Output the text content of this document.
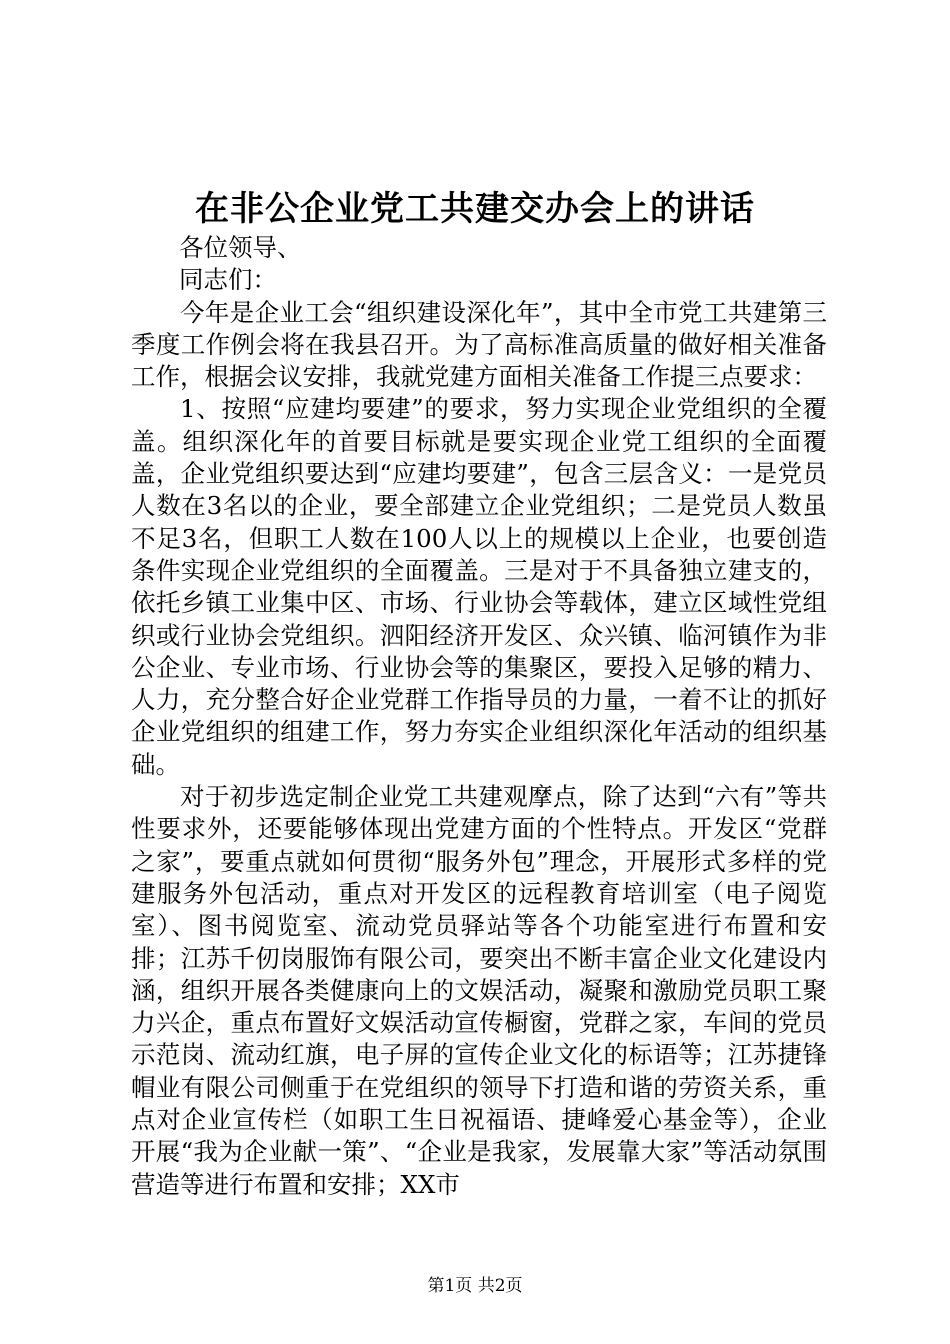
在非公企业党工共建交办会上的讲话

各位领导、

同志们：

今年是企业工会“组织建设深化年”，其中全市党工共建第三季度工作例会将在我县召开。为了高标准高质量的做好相关准备工作，根据会议安排，我就党建方面相关准备工作提三点要求：

1、按照“应建均要建”的要求，努力实现企业党组织的全覆盖。组织深化年的首要目标就是要实现企业党工组织的全面覆盖，企业党组织要达到“应建均要建”，包含三层含义：一是党员人数在3名以的企业，要全部建立企业党组织；二是党员人数虽不足3名，但职工人数在100人以上的规模以上企业，也要创造条件实现企业党组织的全面覆盖。三是对于不具备独立建支的，依托乡镇工业集中区、市场、行业协会等载体，建立区域性党组织或行业协会党组织。泗阳经济开发区、众兴镇、临河镇作为非公企业、专业市场、行业协会等的集聚区，要投入足够的精力、人力，充分整合好企业党群工作指导员的力量，一着不让的抓好企业党组织的组建工作，努力夯实企业组织深化年活动的组织基础。

对于初步选定制企业党工共建观摩点，除了达到“六有”等共性要求外，还要能够体现出党建方面的个性特点。开发区“党群之家”，要重点就如何贯彻“服务外包”理念，开展形式多样的党建服务外包活动，重点对开发区的远程教育培训室（电子阅览室）、图书阅览室、流动党员驿站等各个功能室进行布置和安排；江苏千仞岗服饰有限公司，要突出不断丰富企业文化建设内涵，组织开展各类健康向上的文娱活动，凝聚和激励党员职工聚力兴企，重点布置好文娱活动宣传橱窗，党群之家，车间的党员示范岗、流动红旗，电子屏的宣传企业文化的标语等；江苏捷锋帽业有限公司侧重于在党组织的领导下打造和谐的劳资关系，重点对企业宣传栏（如职工生日祝福语、捷峰爱心基金等），企业开展“我为企业献一策”、“企业是我家，发展靠大家”等活动氛围营造等进行布置和安排；XX市

第1页 共2页
